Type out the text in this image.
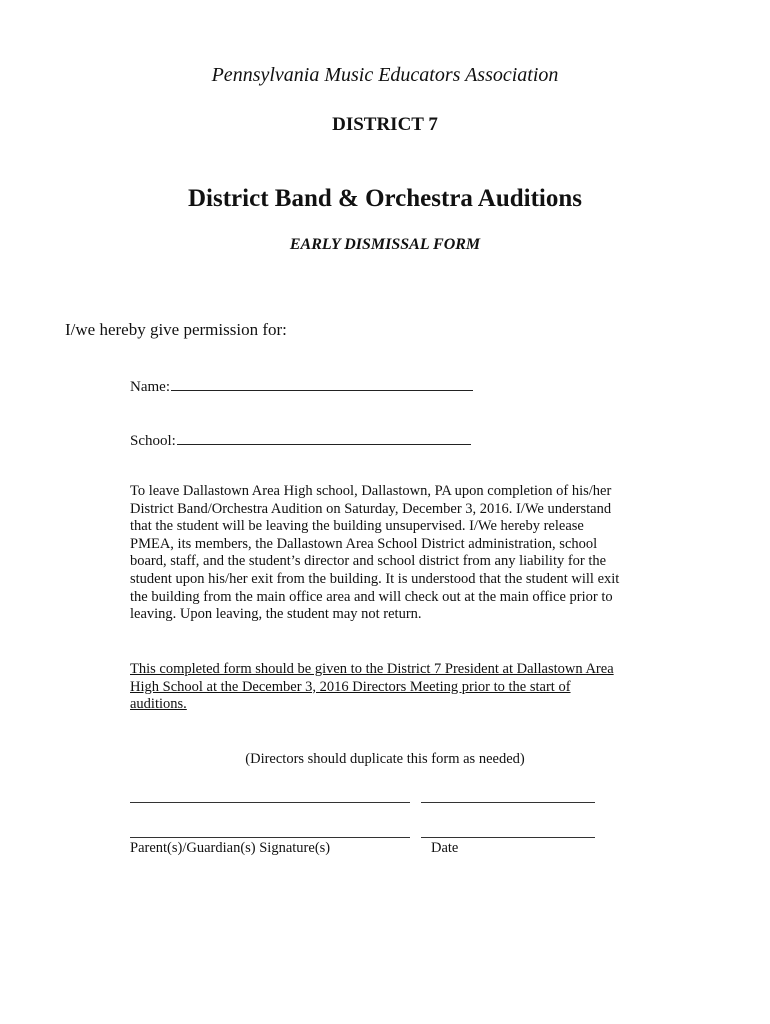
Pennsylvania Music Educators Association
DISTRICT 7
District Band & Orchestra Auditions
EARLY DISMISSAL FORM
I/we hereby give permission for:
Name:
School:

To leave Dallastown Area High school, Dallastown, PA upon completion of his/her
District Band/Orchestra Audition on Saturday, December 3, 2016. I/We understand
that the student will be leaving the building unsupervised. I/We hereby release
PMEA, its members, the Dallastown Area School District administration, school
board, staff, and the student’s director and school district from any liability for the
student upon his/her exit from the building. It is understood that the student will exit
the building from the main office area and will check out at the main office prior to
leaving. Upon leaving, the student may not return.

This completed form should be given to the District 7 President at Dallastown Area
High School at the December 3, 2016 Directors Meeting prior to the start of
auditions.

(Directors should duplicate this form as needed)
Parent(s)/Guardian(s) Signature(s)	Date
